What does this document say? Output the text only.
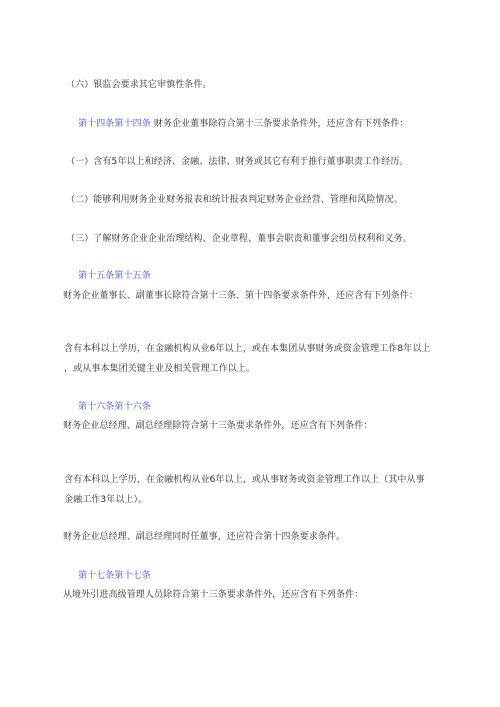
（六）银监会要求其它审慎性条件。
第十四条第十四条 财务企业董事除符合第十三条要求条件外，还应含有下列条件：
（一）含有5年以上和经济、金融、法律、财务或其它有利于推行董事职责工作经历。
（二）能够利用财务企业财务报表和统计报表判定财务企业经营、管理和风险情况。
（三）了解财务企业企业治理结构、企业章程、董事会职责和董事会组员权利和义务。
第十五条第十五条
财务企业董事长、副董事长除符合第十三条、第十四条要求条件外，还应含有下列条件：
含有本科以上学历，在金融机构从业6年以上，或在本集团从事财务或资金管理工作8年以上
，或从事本集团关键主业及相关管理工作以上。
第十六条第十六条
财务企业总经理、副总经理除符合第十三条要求条件外，还应含有下列条件：
含有本科以上学历，在金融机构从业6年以上，或从事财务或资金管理工作以上（其中从事
金融工作3年以上）。
财务企业总经理、副总经理同时任董事，还应符合第十四条要求条件。
第十七条第十七条
从境外引进高级管理人员除符合第十三条要求条件外，还应含有下列条件：
